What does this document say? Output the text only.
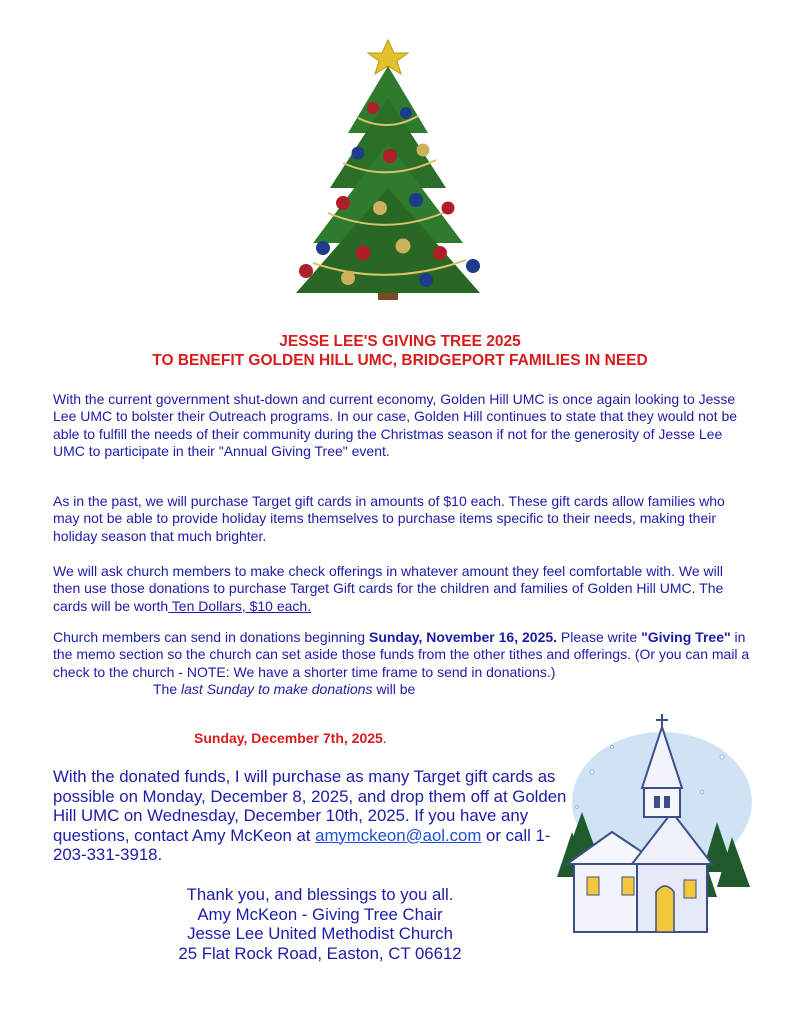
JESSE LEE'S GIVING TREE 2025
TO BENEFIT GOLDEN HILL UMC, BRIDGEPORT FAMILIES IN NEED

With the current government shut-down and current economy, Golden Hill UMC is once again looking to Jesse Lee UMC to bolster their Outreach programs. In our case, Golden Hill continues to state that they would not be able to fulfill the needs of their community during the Christmas season if not for the generosity of Jesse Lee UMC to participate in their "Annual Giving Tree" event.

As in the past, we will purchase Target gift cards in amounts of $10 each. These gift cards allow families who may not be able to provide holiday items themselves to purchase items specific to their needs, making their holiday season that much brighter.

We will ask church members to make check offerings in whatever amount they feel comfortable with. We will then use those donations to purchase Target Gift cards for the children and families of Golden Hill UMC. The cards will be worth Ten Dollars, $10 each.

Church members can send in donations beginning Sunday, November 16, 2025. Please write "Giving Tree" in the memo section so the church can set aside those funds from the other tithes and offerings. (Or you can mail a check to the church - NOTE: We have a shorter time frame to send in donations.)
The last Sunday to make donations will be

Sunday, December 7th, 2025.

With the donated funds, I will purchase as many Target gift cards as possible on Monday, December 8, 2025, and drop them off at Golden Hill UMC on Wednesday, December 10th, 2025. If you have any questions, contact Amy McKeon at amymckeon@aol.com or call 1-203-331-3918.

Thank you, and blessings to you all.
Amy McKeon - Giving Tree Chair
Jesse Lee United Methodist Church
25 Flat Rock Road, Easton, CT 06612
